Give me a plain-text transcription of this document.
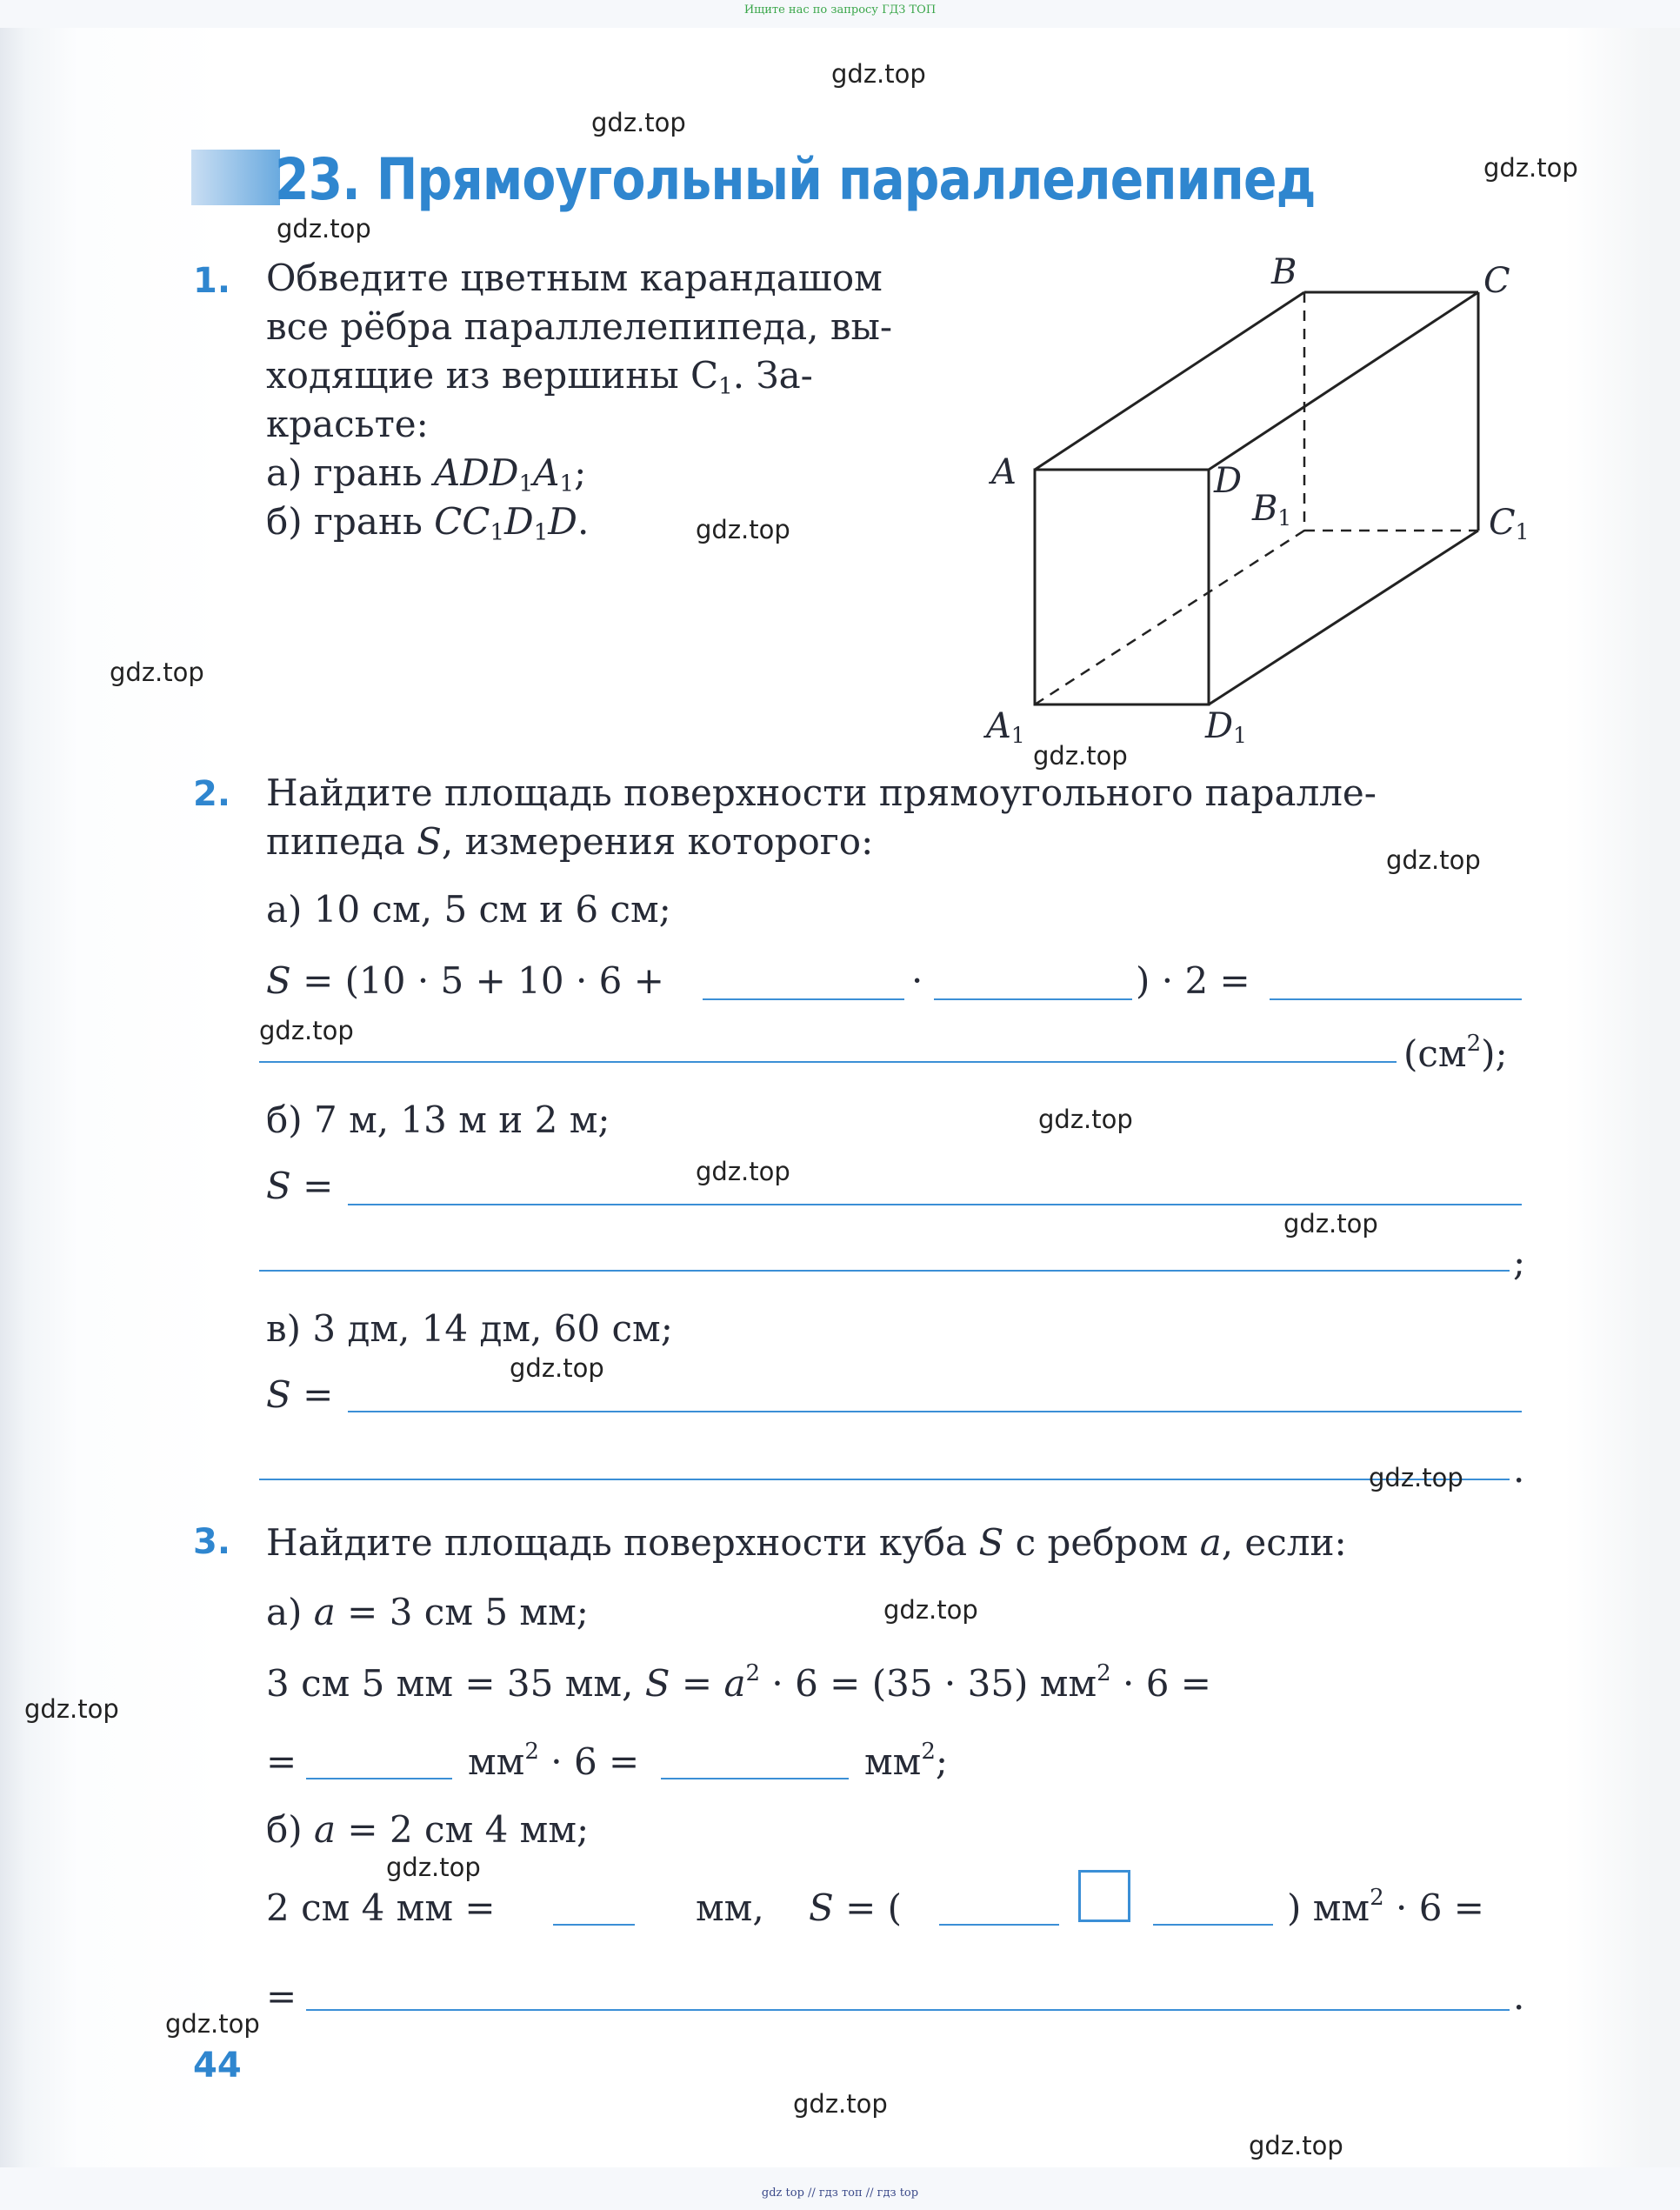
Ищите нас по запросу ГДЗ ТОП
23. Прямоугольный параллелепипед
1. Обведите цветным карандашом
все рёбра параллелепипеда, вы-
ходящие из вершины $C_1$. За-
красьте:
а) грань $ADD_1A_1$;
б) грань $CC_1D_1D$.
A
B	C
D
$B_1$	$C_1$
$A_1$	$D_1$
2. Найдите площадь поверхности прямоугольного паралле-
пипеда S, измерения которого:
а) 10 см, 5 см и 6 см;
S = (10 · 5 + 10 · 6 +	·	) · 2 =
$(см^2)$;
б) 7 м, 13 м и 2 м;
S =
;
в) 3 дм, 14 дм, 60 см;
S =
.
3. Найдите площадь поверхности куба S с ребром a, если:
а) a = 3 см 5 мм;
3 см 5 мм = 35 мм, $S = a^2 \cdot 6 = (35 \cdot 35) мм^2 \cdot 6$ =
=	$мм^2 \cdot 6$ =	$мм^2$;
б) a = 2 см 4 мм;
2 см 4 мм =	мм, S = (	) $мм^2 \cdot 6$ =
=	.
44
gdz.top
gdz.top
gdz.top
gdz.top
gdz.top
gdz.top
gdz.top
gdz.top
gdz.top
gdz.top
gdz.top
gdz.top
gdz.top
gdz.top
gdz.top
gdz.top
gdz.top
gdz.top
gdz.top
gdz.top
gdz top // гдз топ // гдз top
